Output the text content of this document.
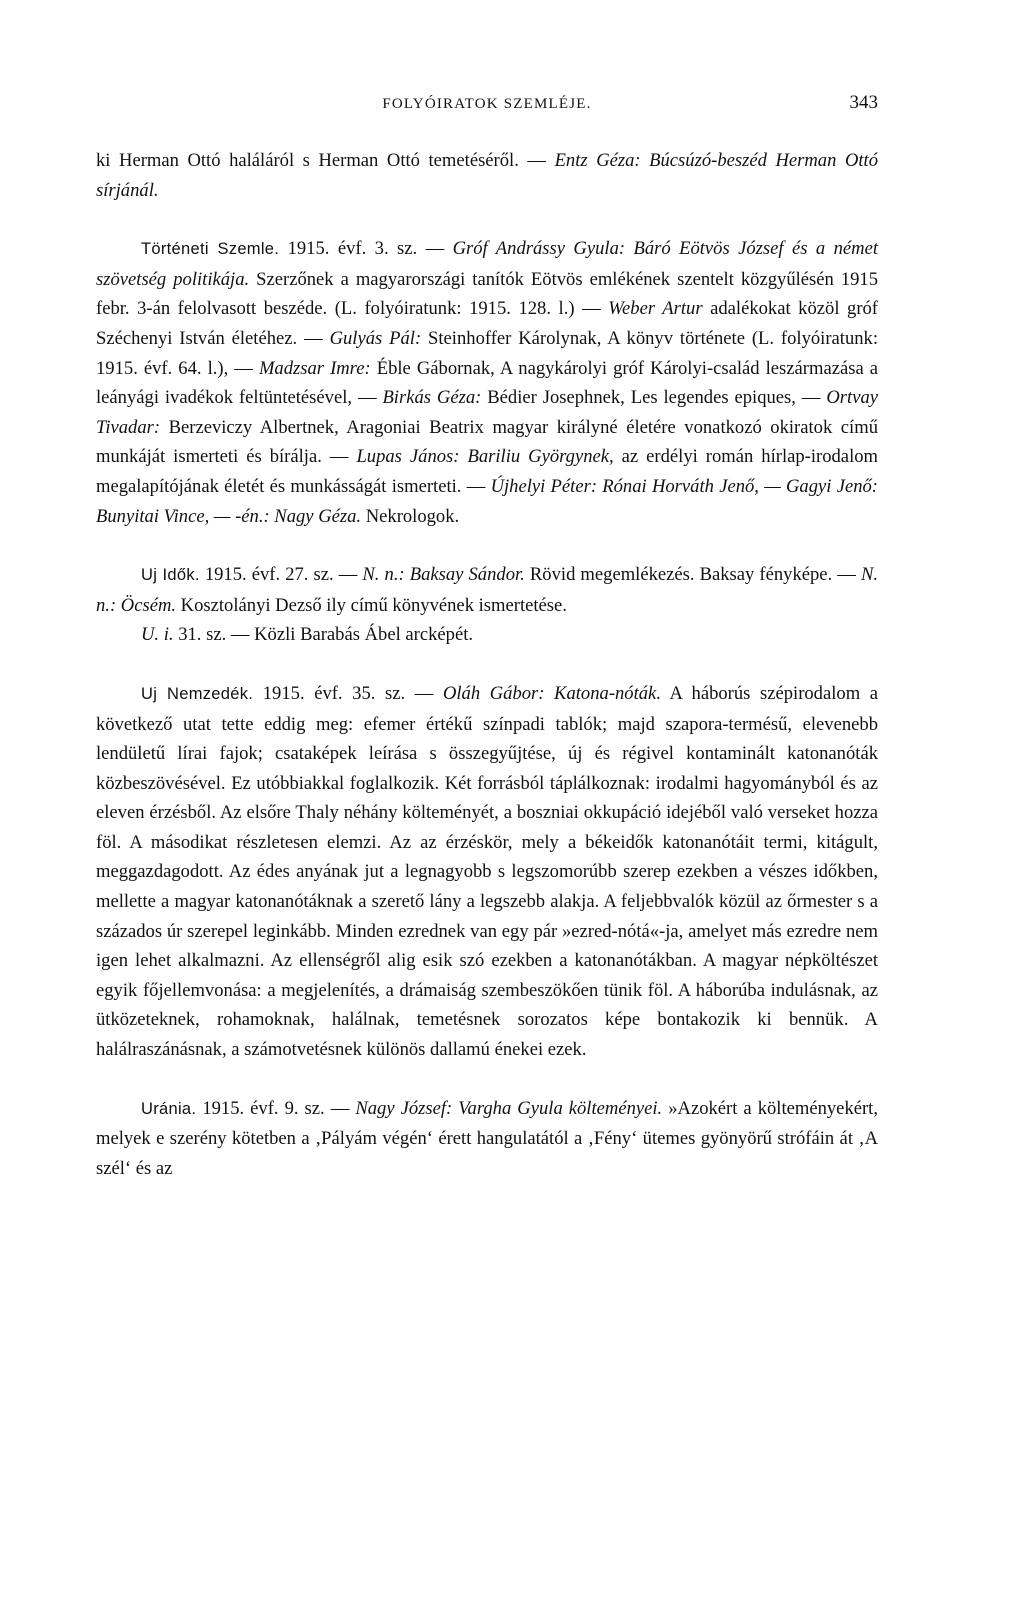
FOLYÓIRATOK SZEMLÉJE.	343

ki Herman Ottó haláláról s Herman Ottó temetéséről. — Entz Géza: Búcsúzó-beszéd Herman Ottó sírjánál.

Történeti Szemle. 1915. évf. 3. sz. — Gróf Andrássy Gyula: Báró Eötvös József és a német szövetség politikája. Szerzőnek a magyarországi tanítók Eötvös emlékének szentelt közgyűlésén 1915 febr. 3-án felolvasott beszéde. (L. folyóiratunk: 1915. 128. l.) — Weber Artur adalékokat közöl gróf Széchenyi István életéhez. — Gulyás Pál: Steinhoffer Károlynak, A könyv története (L. folyóiratunk: 1915. évf. 64. l.), — Madzsar Imre: Éble Gábornak, A nagykárolyi gróf Károlyi-család leszármazása a leányági ivadékok feltüntetésével, — Birkás Géza: Bédier Josephnek, Les legendes epiques, — Ortvay Tivadar: Berzeviczy Albertnek, Aragoniai Beatrix magyar királyné életére vonatkozó okiratok című munkáját ismerteti és bírálja. — Lupas János: Bariliu Györgynek, az erdélyi román hírlap-irodalom megalapítójának életét és munkásságát ismerteti. — Újhelyi Péter: Rónai Horváth Jenő, — Gagyi Jenő: Bunyitai Vince, — -én.: Nagy Géza. Nekrologok.

Uj Idők. 1915. évf. 27. sz. — N. n.: Baksay Sándor. Rövid megemlékezés. Baksay fényképe. — N. n.: Öcsém. Kosztolányi Dezső ily című könyvének ismertetése.

U. i. 31. sz. — Közli Barabás Ábel arcképét.

Uj Nemzedék. 1915. évf. 35. sz. — Oláh Gábor: Katona-nóták. A háborús szépirodalom a következő utat tette eddig meg: efemer értékű színpadi tablók; majd szapora-termésű, elevenebb lendületű lírai fajok; csataképek leírása s összegyűjtése, új és régivel kontaminált katonanóták közbeszövésével. Ez utóbbiakkal foglalkozik. Két forrásból táplálkoznak: irodalmi hagyományból és az eleven érzésből. Az elsőre Thaly néhány költeményét, a boszniai okkupáció idejéből való verseket hozza föl. A másodikat részletesen elemzi. Az az érzéskör, mely a békeidők katonanótáit termi, kitágult, meggazdagodott. Az édes anyának jut a legnagyobb s legszomorúbb szerep ezekben a vészes időkben, mellette a magyar katonanótáknak a szerető lány a legszebb alakja. A feljebbvalók közül az őrmester s a százados úr szerepel leginkább. Minden ezrednek van egy pár »ezred-nótá«-ja, amelyet más ezredre nem igen lehet alkalmazni. Az ellenségről alig esik szó ezekben a katonanótákban. A magyar népköltészet egyik főjellemvonása: a megjelenítés, a drámaiság szembeszökően tünik föl. A háborúba indulásnak, az ütközeteknek, rohamoknak, halálnak, temetésnek sorozatos képe bontakozik ki bennük. A halálraszánásnak, a számotvetésnek különös dallamú énekei ezek.

Uránia. 1915. évf. 9. sz. — Nagy József: Vargha Gyula költeményei. »Azokért a költeményekért, melyek e szerény kötetben a ‚Pályám végén‘ érett hangulatától a ‚Fény‘ ütemes gyönyörű strófáin át ‚A szél‘ és az
